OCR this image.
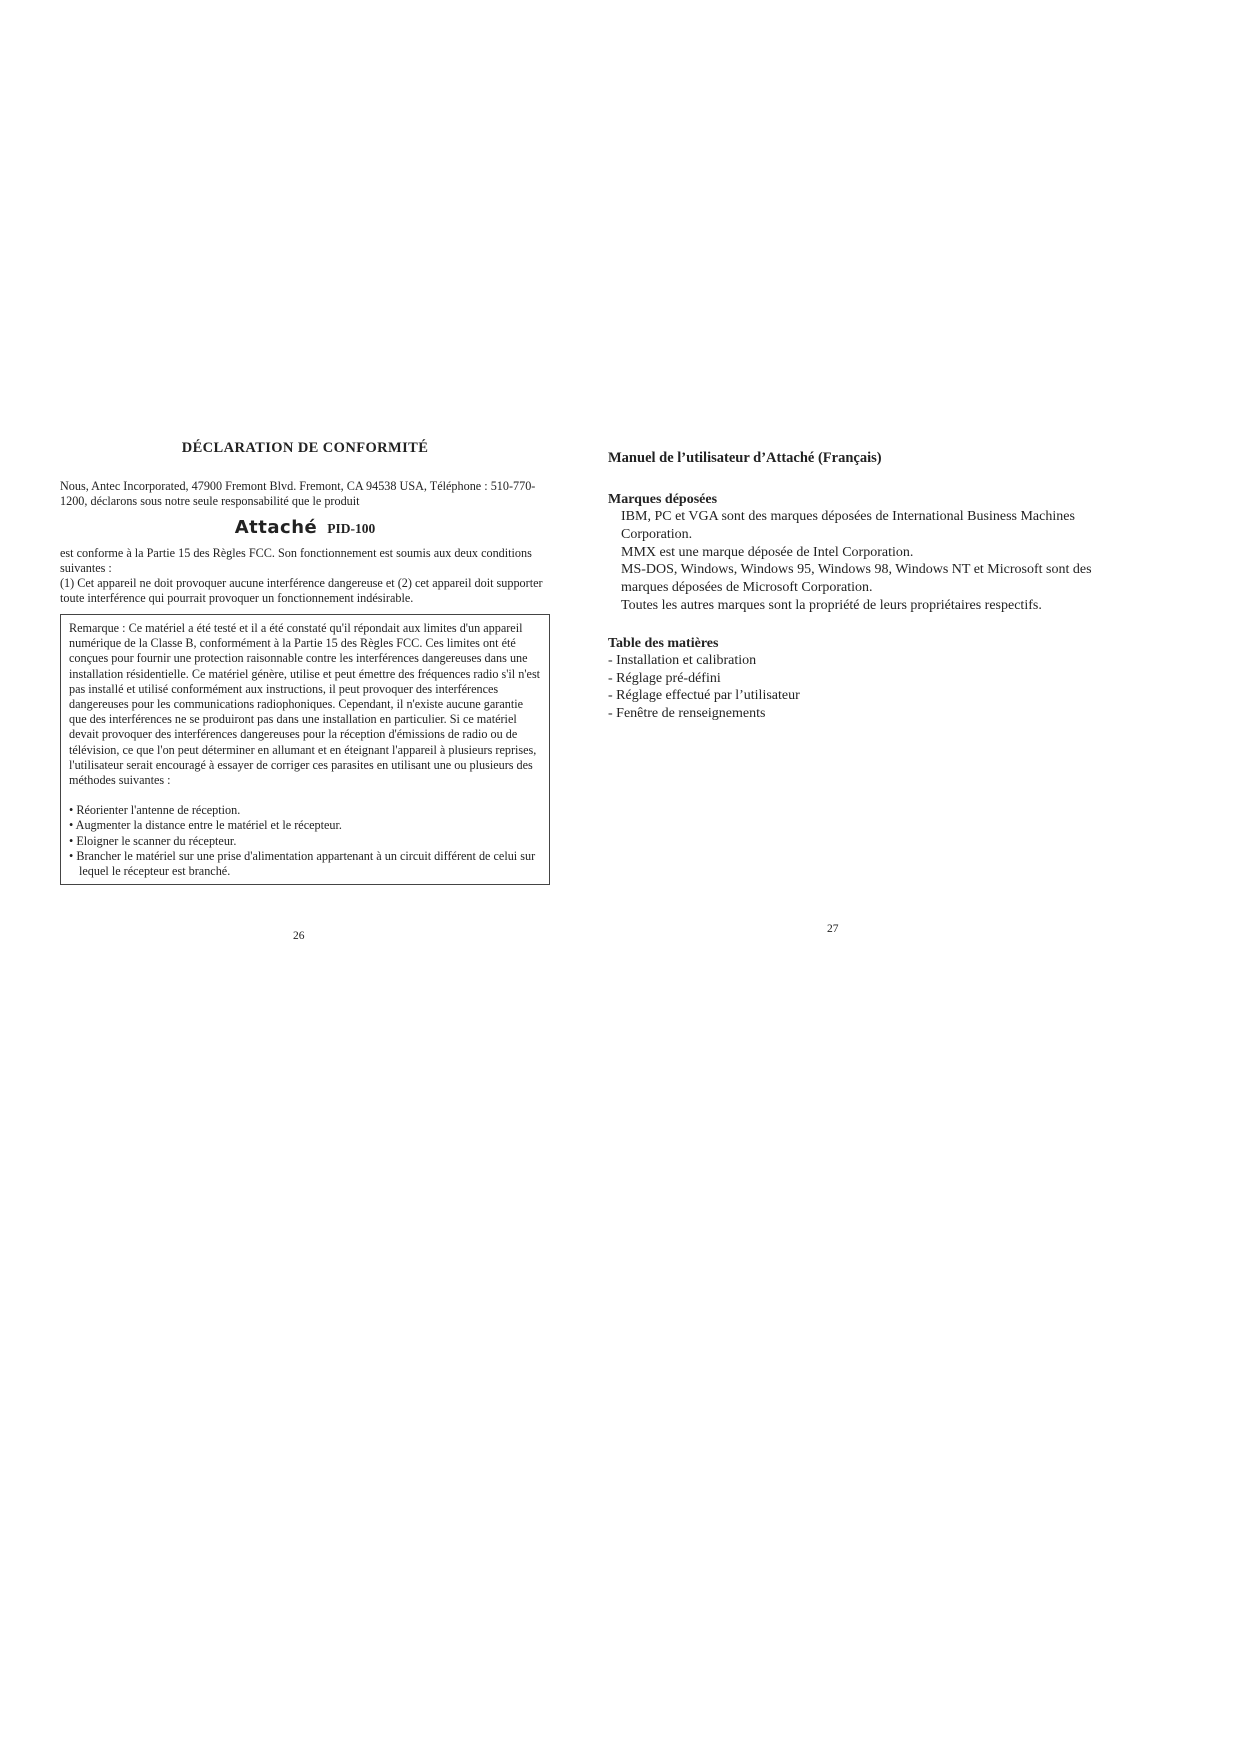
DÉCLARATION DE CONFORMITÉ

Nous, Antec Incorporated, 47900 Fremont Blvd. Fremont, CA 94538 USA, Téléphone : 510-770-1200, déclarons sous notre seule responsabilité que le produit

Attaché PID-100

est conforme à la Partie 15 des Règles FCC. Son fonctionnement est soumis aux deux conditions suivantes :

(1) Cet appareil ne doit provoquer aucune interférence dangereuse et (2) cet appareil doit supporter toute interférence qui pourrait provoquer un fonctionnement indésirable.

Remarque : Ce matériel a été testé et il a été constaté qu'il répondait aux limites d'un appareil numérique de la Classe B, conformément à la Partie 15 des Règles FCC. Ces limites ont été conçues pour fournir une protection raisonnable contre les interférences dangereuses dans une installation résidentielle. Ce matériel génère, utilise et peut émettre des fréquences radio s'il n'est pas installé et utilisé conformément aux instructions, il peut provoquer des interférences dangereuses pour les communications radiophoniques. Cependant, il n'existe aucune garantie que des interférences ne se produiront pas dans une installation en particulier. Si ce matériel devait provoquer des interférences dangereuses pour la réception d'émissions de radio ou de télévision, ce que l'on peut déterminer en allumant et en éteignant l'appareil à plusieurs reprises, l'utilisateur serait encouragé à essayer de corriger ces parasites en utilisant une ou plusieurs des méthodes suivantes :

• Réorienter l'antenne de réception.
• Augmenter la distance entre le matériel et le récepteur.
• Eloigner le scanner du récepteur.
• Brancher le matériel sur une prise d'alimentation appartenant à un circuit différent de celui sur lequel le récepteur est branché.
26
Manuel de l’utilisateur d’Attaché (Français)
Marques déposées
IBM, PC et VGA sont des marques déposées de International Business Machines Corporation.
MMX est une marque déposée de Intel Corporation.
MS-DOS, Windows, Windows 95, Windows 98, Windows NT et Microsoft sont des marques déposées de Microsoft Corporation.
Toutes les autres marques sont la propriété de leurs propriétaires respectifs.
Table des matières
- Installation et calibration
- Réglage pré-défini
- Réglage effectué par l’utilisateur
- Fenêtre de renseignements
27
